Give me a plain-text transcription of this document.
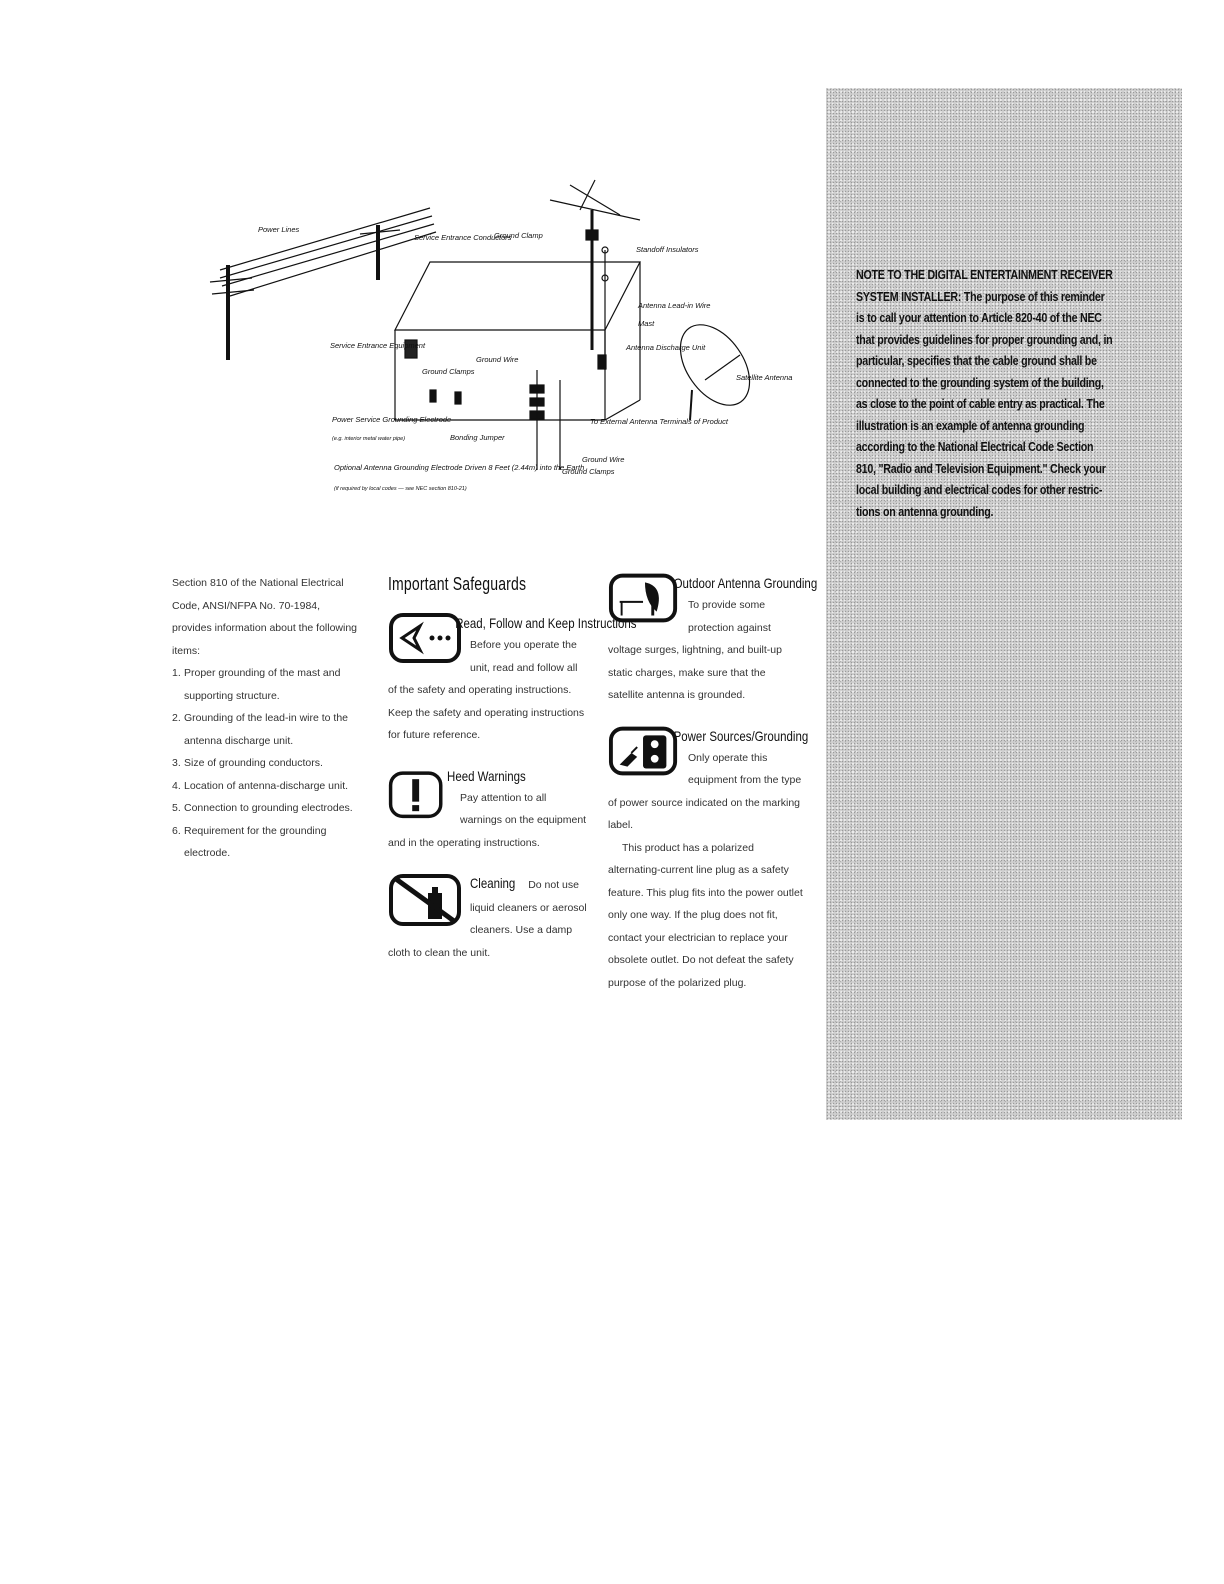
Power Lines
Service Entrance Conductors
Ground Clamp
Standoff Insulators
Antenna Lead-in Wire
Mast
Service Entrance Equipment
Ground Wire
Ground Clamps
Antenna Discharge Unit
Satellite Antenna
Power Service Grounding Electrode
(e.g. interior metal water pipe)	Bonding Jumper
To External Antenna Terminals of Product
Ground Wire
Ground Clamps
Optional Antenna Grounding Electrode Driven 8 Feet (2.44m) into the Earth
(if required by local codes — see NEC section 810-21)

Section 810 of the National Electrical Code, ANSI/NFPA No. 70-1984, provides information about the following items:

1. Proper grounding of the mast and supporting structure.
2. Grounding of the lead-in wire to the antenna discharge unit.
3. Size of grounding conductors.
4. Location of antenna-discharge unit.
5. Connection to grounding electrodes.
6. Requirement for the grounding electrode.
Important Safeguards
Read, Follow and Keep Instructions

Before you operate the unit, read and follow all of the safety and operating instructions. Keep the safety and operating instructions for future reference.

Heed Warnings

Pay attention to all warnings on the equipment and in the operating instructions.

Cleaning Do not use liquid cleaners or aerosol cleaners. Use a damp cloth to clean the unit.
Outdoor Antenna Grounding

To provide some protection against voltage surges, lightning, and built-up static charges, make sure that the satellite antenna is grounded.

Power Sources/Grounding

Only operate this equipment from the type of power source indicated on the marking label.

This product has a polarized alternating-current line plug as a safety feature. This plug fits into the power outlet only one way. If the plug does not fit, contact your electrician to replace your obsolete outlet. Do not defeat the safety purpose of the polarized plug.

NOTE TO THE DIGITAL ENTERTAINMENT RECEIVER
SYSTEM INSTALLER: The purpose of this reminder
is to call your attention to Article 820-40 of the NEC
that provides guidelines for proper grounding and, in
particular, specifies that the cable ground shall be
connected to the grounding system of the building,
as close to the point of cable entry as practical. The
illustration is an example of antenna grounding
according to the National Electrical Code Section
810, "Radio and Television Equipment." Check your
local building and electrical codes for other restric-
tions on antenna grounding.
